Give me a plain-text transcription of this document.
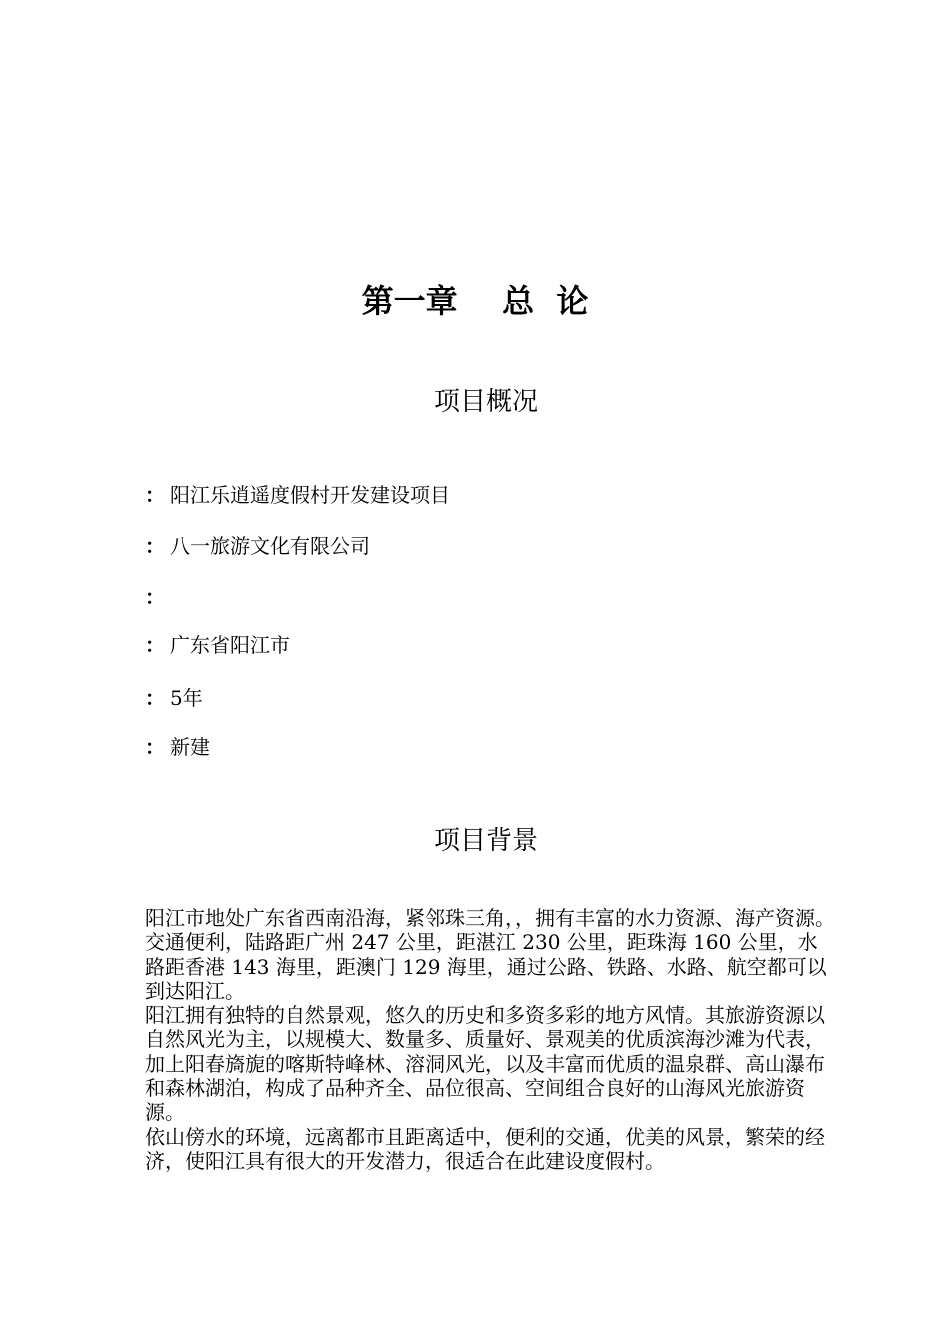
第一章    总  论
项目概况
： 阳江乐逍遥度假村开发建设项目
： 八一旅游文化有限公司
：
： 广东省阳江市
： 5年
： 新建
项目背景

阳江市地处广东省西南沿海，紧邻珠三角，，拥有丰富的水力资源、海产资源。交通便利，陆路距广州 247 公里，距湛江 230 公里，距珠海 160 公里，水路距香港 143 海里，距澳门 129 海里，通过公路、铁路、水路、航空都可以到达阳江。

阳江拥有独特的自然景观，悠久的历史和多资多彩的地方风情。其旅游资源以自然风光为主，以规模大、数量多、质量好、景观美的优质滨海沙滩为代表，加上阳春旖旎的喀斯特峰林、溶洞风光，以及丰富而优质的温泉群、高山瀑布和森林湖泊，构成了品种齐全、品位很高、空间组合良好的山海风光旅游资源。

依山傍水的环境，远离都市且距离适中，便利的交通，优美的风景，繁荣的经济，使阳江具有很大的开发潜力，很适合在此建设度假村。
